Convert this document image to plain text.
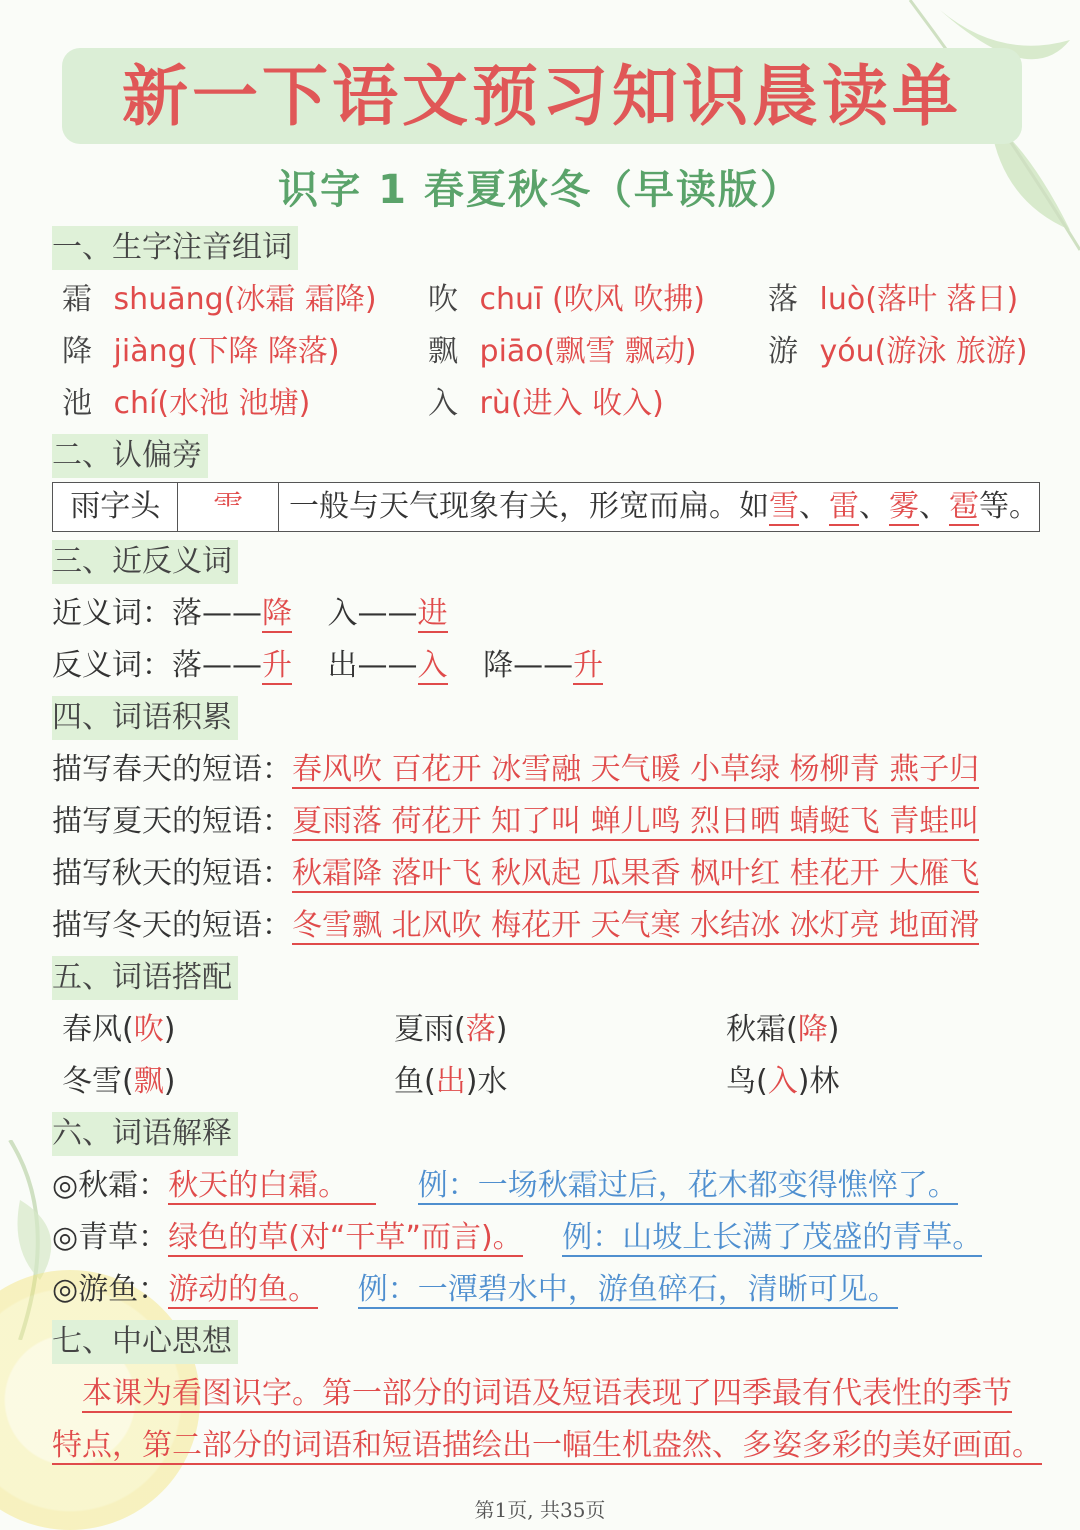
新一下语文预习知识晨读单
识字 1 春夏秋冬（早读版）
一、生字注音组词
霜 shuāng(冰霜 霜降) 吹 chuī (吹风 吹拂) 落 luò(落叶 落日)
降 jiàng(下降 降落)	飘 piāo(飘雪 飘动) 游 yóu(游泳 旅游)
池 chí(水池 池塘)	入 rù(进入 收入)
二、认偏旁
雨字头	⻗	一般与天气现象有关，形宽而扁。如雪、雷、雾、雹等。
三、近反义词
近义词：落——降 入——进
反义词：落——升 出——入 降——升
四、词语积累
描写春天的短语：春风吹 百花开 冰雪融 天气暖 小草绿 杨柳青 燕子归
描写夏天的短语：夏雨落 荷花开 知了叫 蝉儿鸣 烈日晒 蜻蜓飞 青蛙叫
描写秋天的短语：秋霜降 落叶飞 秋风起 瓜果香 枫叶红 桂花开 大雁飞
描写冬天的短语：冬雪飘 北风吹 梅花开 天气寒 水结冰 冰灯亮 地面滑
五、词语搭配
春风(吹)	夏雨(落)	秋霜(降)
冬雪(飘)	鱼(出)水	鸟(入)林
六、词语解释
◎秋霜：秋天的白霜。 例：一场秋霜过后，花木都变得憔悴了。
◎青草：绿色的草(对“干草”而言)。 例：山坡上长满了茂盛的青草。
◎游鱼：游动的鱼。 例：一潭碧水中，游鱼碎石，清晰可见。
七、中心思想
本课为看图识字。第一部分的词语及短语表现了四季最有代表性的季节
特点，第二部分的词语和短语描绘出一幅生机盎然、多姿多彩的美好画面。
第1页, 共35页
